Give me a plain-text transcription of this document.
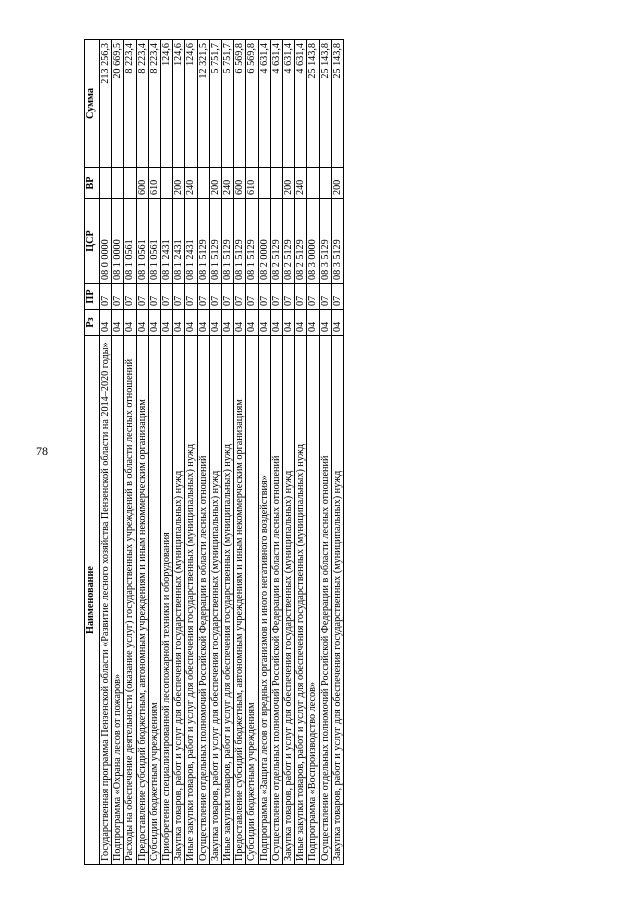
78
Наименование	Рз	ПР	ЦСР	ВР	Сумма
Государственная программа Пензенской области «Развитие лесного хозяйства Пензенской области на 2014–2020 годы»	04	07	08 0 0000		213 256,3
Подпрограмма «Охрана лесов от пожаров»	04	07	08 1 0000		20 669,5
Расходы на обеспечение деятельности (оказание услуг) государственных учреждений в области лесных отношений	04	07	08 1 0561		8 223,4
Предоставление субсидий бюджетным, автономным учреждениям и иным некоммерческим организациям	04	07	08 1 0561	600	8 223,4
Субсидии бюджетным учреждениям	04	07	08 1 0561	610	8 223,4
Приобретение специализированной лесопожарной техники и оборудования	04	07	08 1 2431		124,6
Закупка товаров, работ и услуг для обеспечения государственных (муниципальных) нужд	04	07	08 1 2431	200	124,6
Иные закупки товаров, работ и услуг для обеспечения государственных (муниципальных) нужд	04	07	08 1 2431	240	124,6
Осуществление отдельных полномочий Российской Федерации в области лесных отношений	04	07	08 1 5129		12 321,5
Закупка товаров, работ и услуг для обеспечения государственных (муниципальных) нужд	04	07	08 1 5129	200	5 751,7
Иные закупки товаров, работ и услуг для обеспечения государственных (муниципальных) нужд	04	07	08 1 5129	240	5 751,7
Предоставление субсидий бюджетным, автономным учреждениям и иным некоммерческим организациям	04	07	08 1 5129	600	6 569,8
Субсидии бюджетным учреждениям	04	07	08 1 5129	610	6 569,8
Подпрограмма «Защита лесов от вредных организмов и иного негативного воздействия»	04	07	08 2 0000		4 631,4
Осуществление отдельных полномочий Российской Федерации в области лесных отношений	04	07	08 2 5129		4 631,4
Закупка товаров, работ и услуг для обеспечения государственных (муниципальных) нужд	04	07	08 2 5129	200	4 631,4
Иные закупки товаров, работ и услуг для обеспечения государственных (муниципальных) нужд	04	07	08 2 5129	240	4 631,4
Подпрограмма «Воспроизводство лесов»	04	07	08 3 0000		25 143,8
Осуществление отдельных полномочий Российской Федерации в области лесных отношений	04	07	08 3 5129		25 143,8
Закупка товаров, работ и услуг для обеспечения государственных (муниципальных) нужд	04	07	08 3 5129	200	25 143,8
